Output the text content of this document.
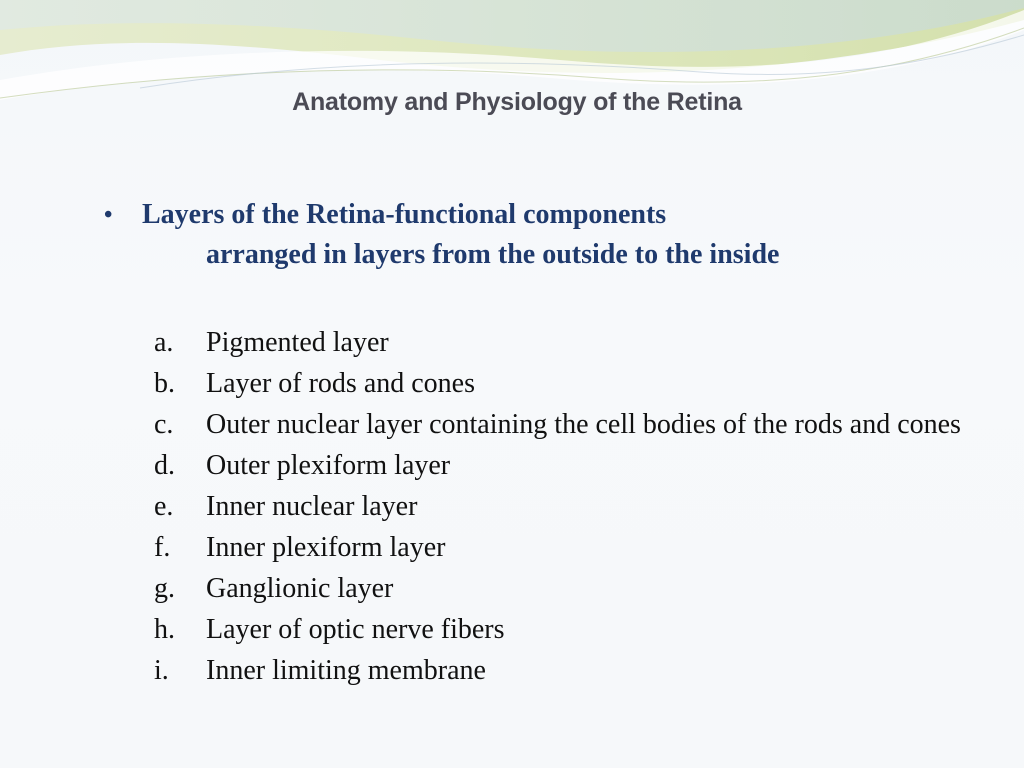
Anatomy and Physiology of the Retina
• Layers of the Retina-functional components
arranged in layers from the outside to the inside
a.	Pigmented layer
b.	Layer of rods and cones
c.	Outer nuclear layer containing the cell bodies of the rods and cones
d.	Outer plexiform layer
e.	Inner nuclear layer
f.	Inner plexiform layer
g.	Ganglionic layer
h.	Layer of optic nerve fibers
i.	Inner limiting membrane
